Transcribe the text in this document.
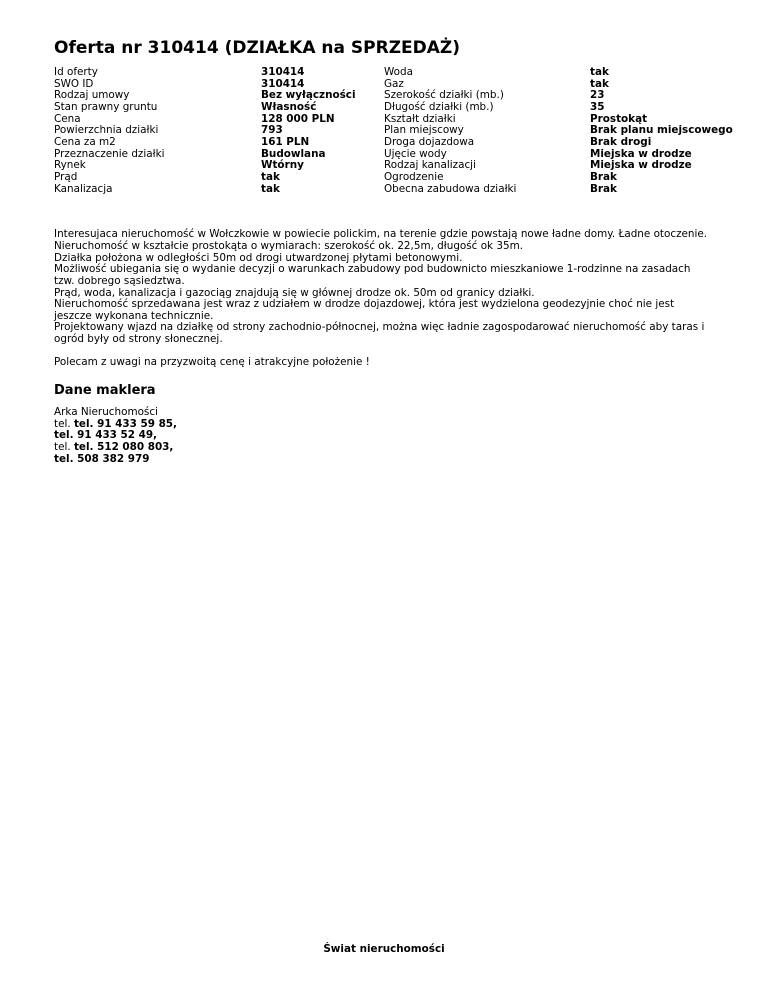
Oferta nr 310414 (DZIAŁKA na SPRZEDAŻ)
Id oferty
SWO ID
Rodzaj umowy
Stan prawny gruntu
Cena
Powierzchnia działki
Cena za m2
Przeznaczenie działki
Rynek
Prąd
Kanalizacja
310414
310414
Bez wyłączności
Własność
128 000 PLN
793
161 PLN
Budowlana
Wtórny
tak
tak
Woda
Gaz
Szerokość działki (mb.)
Długość działki (mb.)
Kształt działki
Plan miejscowy
Droga dojazdowa
Ujęcie wody
Rodzaj kanalizacji
Ogrodzenie
Obecna zabudowa działki
tak
tak
23
35
Prostokąt
Brak planu miejscowego
Brak drogi
Miejska w drodze
Miejska w drodze
Brak
Brak

Interesujaca nieruchomość w Wołczkowie w powiecie polickim, na terenie gdzie powstają nowe ładne domy. Ładne otoczenie.

Nieruchomość w kształcie prostokąta o wymiarach: szerokość ok. 22,5m, długość ok 35m.

Działka położona w odległości 50m od drogi utwardzonej płytami betonowymi.

Możliwość ubiegania się o wydanie decyzji o warunkach zabudowy pod budownicto mieszkaniowe 1-rodzinne na zasadach tzw. dobrego sąsiedztwa.

Prąd, woda, kanalizacja i gazociąg znajdują się w głównej drodze ok. 50m od granicy działki.

Nieruchomość sprzedawana jest wraz z udziałem w drodze dojazdowej, która jest wydzielona geodezyjnie choć nie jest jeszcze wykonana technicznie.

Projektowany wjazd na działkę od strony zachodnio-północnej, można więc ładnie zagospodarować nieruchomość aby taras i ogród były od strony słonecznej.

Polecam z uwagi na przyzwoitą cenę i atrakcyjne położenie !

Dane maklera
Arka Nieruchomości
tel. tel. 91 433 59 85,
tel. 91 433 52 49,
tel. tel. 512 080 803,
tel. 508 382 979
Świat nieruchomości
